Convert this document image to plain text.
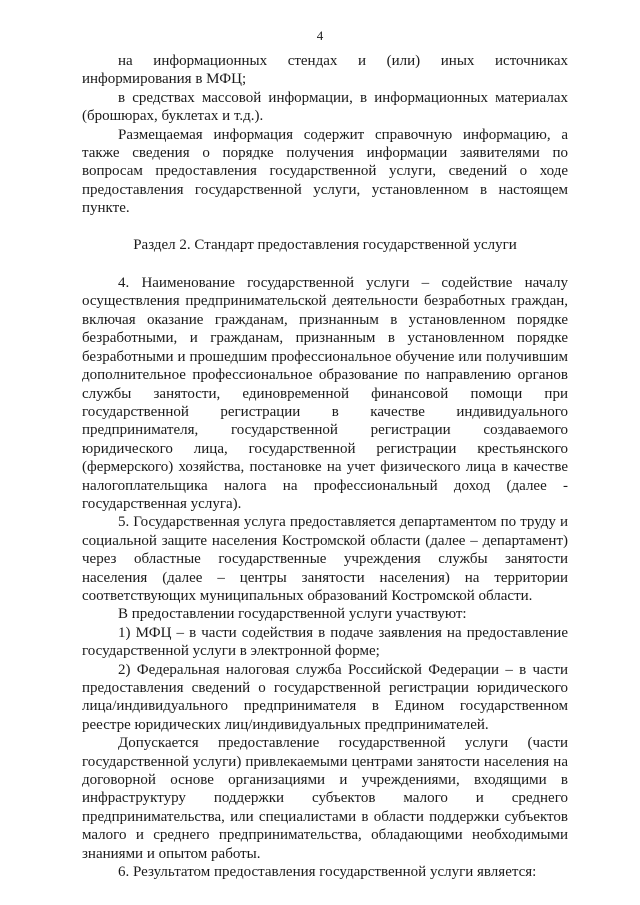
4

на информационных стендах и (или) иных источниках информирования в МФЦ;

в средствах массовой информации, в информационных материалах (брошюрах, буклетах и т.д.).

Размещаемая информация содержит справочную информацию, а также сведения о порядке получения информации заявителями по вопросам предоставления государственной услуги, сведений о ходе предоставления государственной услуги, установленном в настоящем пункте.

Раздел 2. Стандарт предоставления государственной услуги

4. Наименование государственной услуги – содействие началу осуществления предпринимательской деятельности безработных граждан, включая оказание гражданам, признанным в установленном порядке безработными, и гражданам, признанным в установленном порядке безработными и прошедшим профессиональное обучение или получившим дополнительное профессиональное образование по направлению органов службы занятости, единовременной финансовой помощи при государственной регистрации в качестве индивидуального предпринимателя, государственной регистрации создаваемого юридического лица, государственной регистрации крестьянского (фермерского) хозяйства, постановке на учет физического лица в качестве налогоплательщика налога на профессиональный доход (далее - государственная услуга).

5. Государственная услуга предоставляется департаментом по труду и социальной защите населения Костромской области (далее – департамент) через областные государственные учреждения службы занятости населения (далее – центры занятости населения) на территории соответствующих муниципальных образований Костромской области.

В предоставлении государственной услуги участвуют:

1) МФЦ – в части содействия в подаче заявления на предоставление государственной услуги в электронной форме;

2) Федеральная налоговая служба Российской Федерации – в части предоставления сведений о государственной регистрации юридического лица/индивидуального предпринимателя в Едином государственном реестре юридических лиц/индивидуальных предпринимателей.

Допускается предоставление государственной услуги (части государственной услуги) привлекаемыми центрами занятости населения на договорной основе организациями и учреждениями, входящими в инфраструктуру поддержки субъектов малого и среднего предпринимательства, или специалистами в области поддержки субъектов малого и среднего предпринимательства, обладающими необходимыми знаниями и опытом работы.

6. Результатом предоставления государственной услуги является:
